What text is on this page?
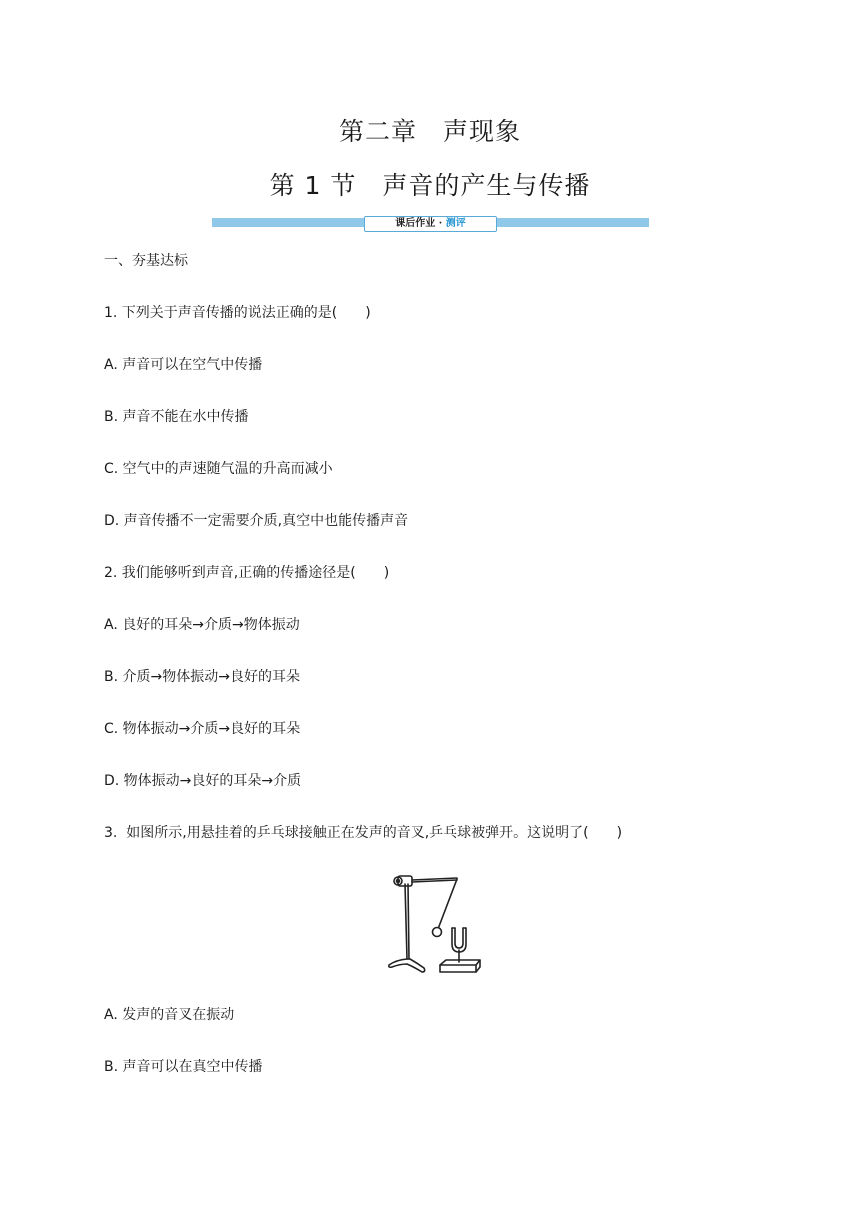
第二章　声现象
第 1 节　声音的产生与传播
课后作业 · 测评
一、夯基达标
1. 下列关于声音传播的说法正确的是(　　)
A. 声音可以在空气中传播
B. 声音不能在水中传播
C. 空气中的声速随气温的升高而减小
D. 声音传播不一定需要介质,真空中也能传播声音
2. 我们能够听到声音,正确的传播途径是(　　)
A. 良好的耳朵→介质→物体振动
B. 介质→物体振动→良好的耳朵
C. 物体振动→介质→良好的耳朵
D. 物体振动→良好的耳朵→介质
3.  如图所示,用悬挂着的乒乓球接触正在发声的音叉,乒乓球被弹开。这说明了(　　)
A. 发声的音叉在振动
B. 声音可以在真空中传播
